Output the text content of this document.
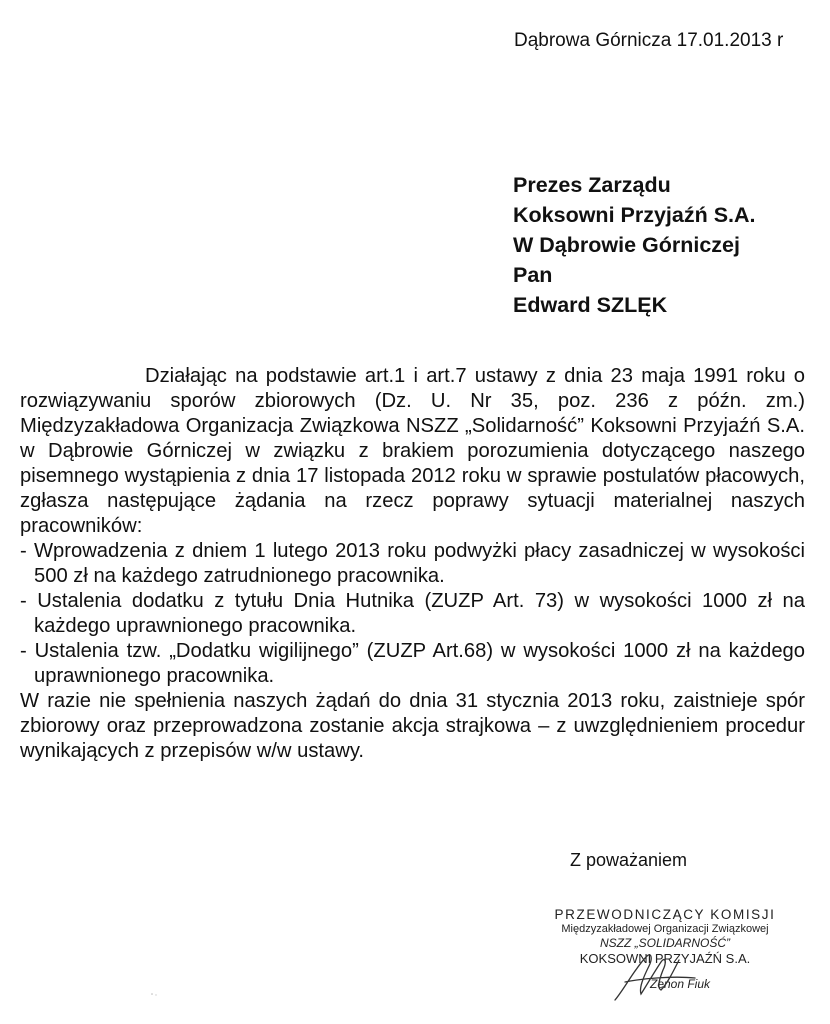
Dąbrowa Górnicza 17.01.2013 r
Prezes Zarządu
Koksowni Przyjaźń S.A.
W Dąbrowie Górniczej
Pan
Edward SZLĘK

Działając na podstawie art.1 i art.7 ustawy z dnia 23 maja 1991 roku o rozwiązywaniu sporów zbiorowych (Dz. U. Nr 35, poz. 236 z późn. zm.) Międzyzakładowa Organizacja Związkowa NSZZ „Solidarność” Koksowni Przyjaźń S.A. w Dąbrowie Górniczej w związku z brakiem porozumienia dotyczącego naszego pisemnego wystąpienia z dnia 17 listopada 2012 roku w sprawie postulatów płacowych, zgłasza następujące żądania na rzecz poprawy sytuacji materialnej naszych pracowników:

- Wprowadzenia z dniem 1 lutego 2013 roku podwyżki płacy zasadniczej w wysokości 500 zł na każdego zatrudnionego pracownika.

- Ustalenia dodatku z tytułu Dnia Hutnika (ZUZP Art. 73) w wysokości 1000 zł na każdego uprawnionego pracownika.

- Ustalenia tzw. „Dodatku wigilijnego” (ZUZP Art.68) w wysokości 1000 zł na każdego uprawnionego pracownika.

W razie nie spełnienia naszych żądań do dnia 31 stycznia 2013 roku, zaistnieje spór zbiorowy oraz przeprowadzona zostanie akcja strajkowa – z uwzględnieniem procedur wynikających z przepisów w/w ustawy.

Z poważaniem
PRZEWODNICZĄCY KOMISJI
Międzyzakładowej Organizacji Związkowej
NSZZ „SOLIDARNOŚĆ”
KOKSOWNI PRZYJAŹŃ S.A.
Zenon Fiuk
